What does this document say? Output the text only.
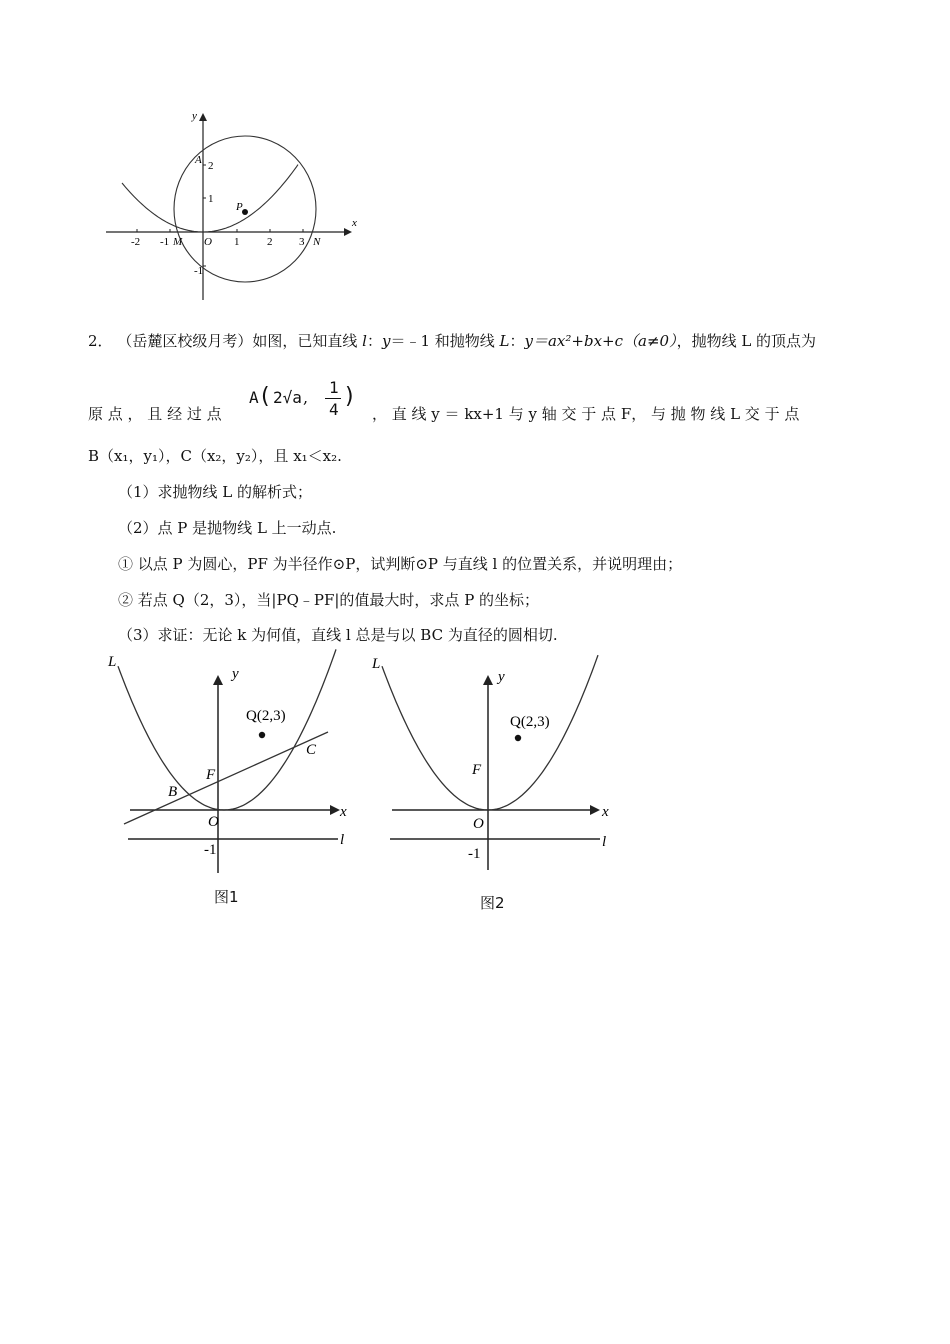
x
y
-2 -1 M O 1	2 3 N
A 2
1
-1
P
2． （岳麓区校级月考）如图，已知直线 l：y＝﹣1 和抛物线 L：y＝ax²+bx+c（a≠0），抛物线 L 的顶点为
原 点 ， 且 经 过 点
A ( 2√a ,
1
4
)
， 直 线 y ＝ kx+1 与 y 轴 交 于 点 F， 与 抛 物 线 L 交 于 点
B（x₁，y₁），C（x₂，y₂），且 x₁＜x₂.
（1）求抛物线 L 的解析式；
（2）点 P 是抛物线 L 上一动点.
① 以点 P 为圆心，PF 为半径作⊙P，试判断⊙P 与直线 l 的位置关系，并说明理由；
② 若点 Q（2，3），当|PQ﹣PF|的值最大时，求点 P 的坐标；
（3）求证：无论 k 为何值，直线 l 总是与以 BC 为直径的圆相切.
L
y
x
l
Q(2,3)
C
F
B
O
-1
图1
L
y
x
l
Q(2,3)
F
O
-1
图2
